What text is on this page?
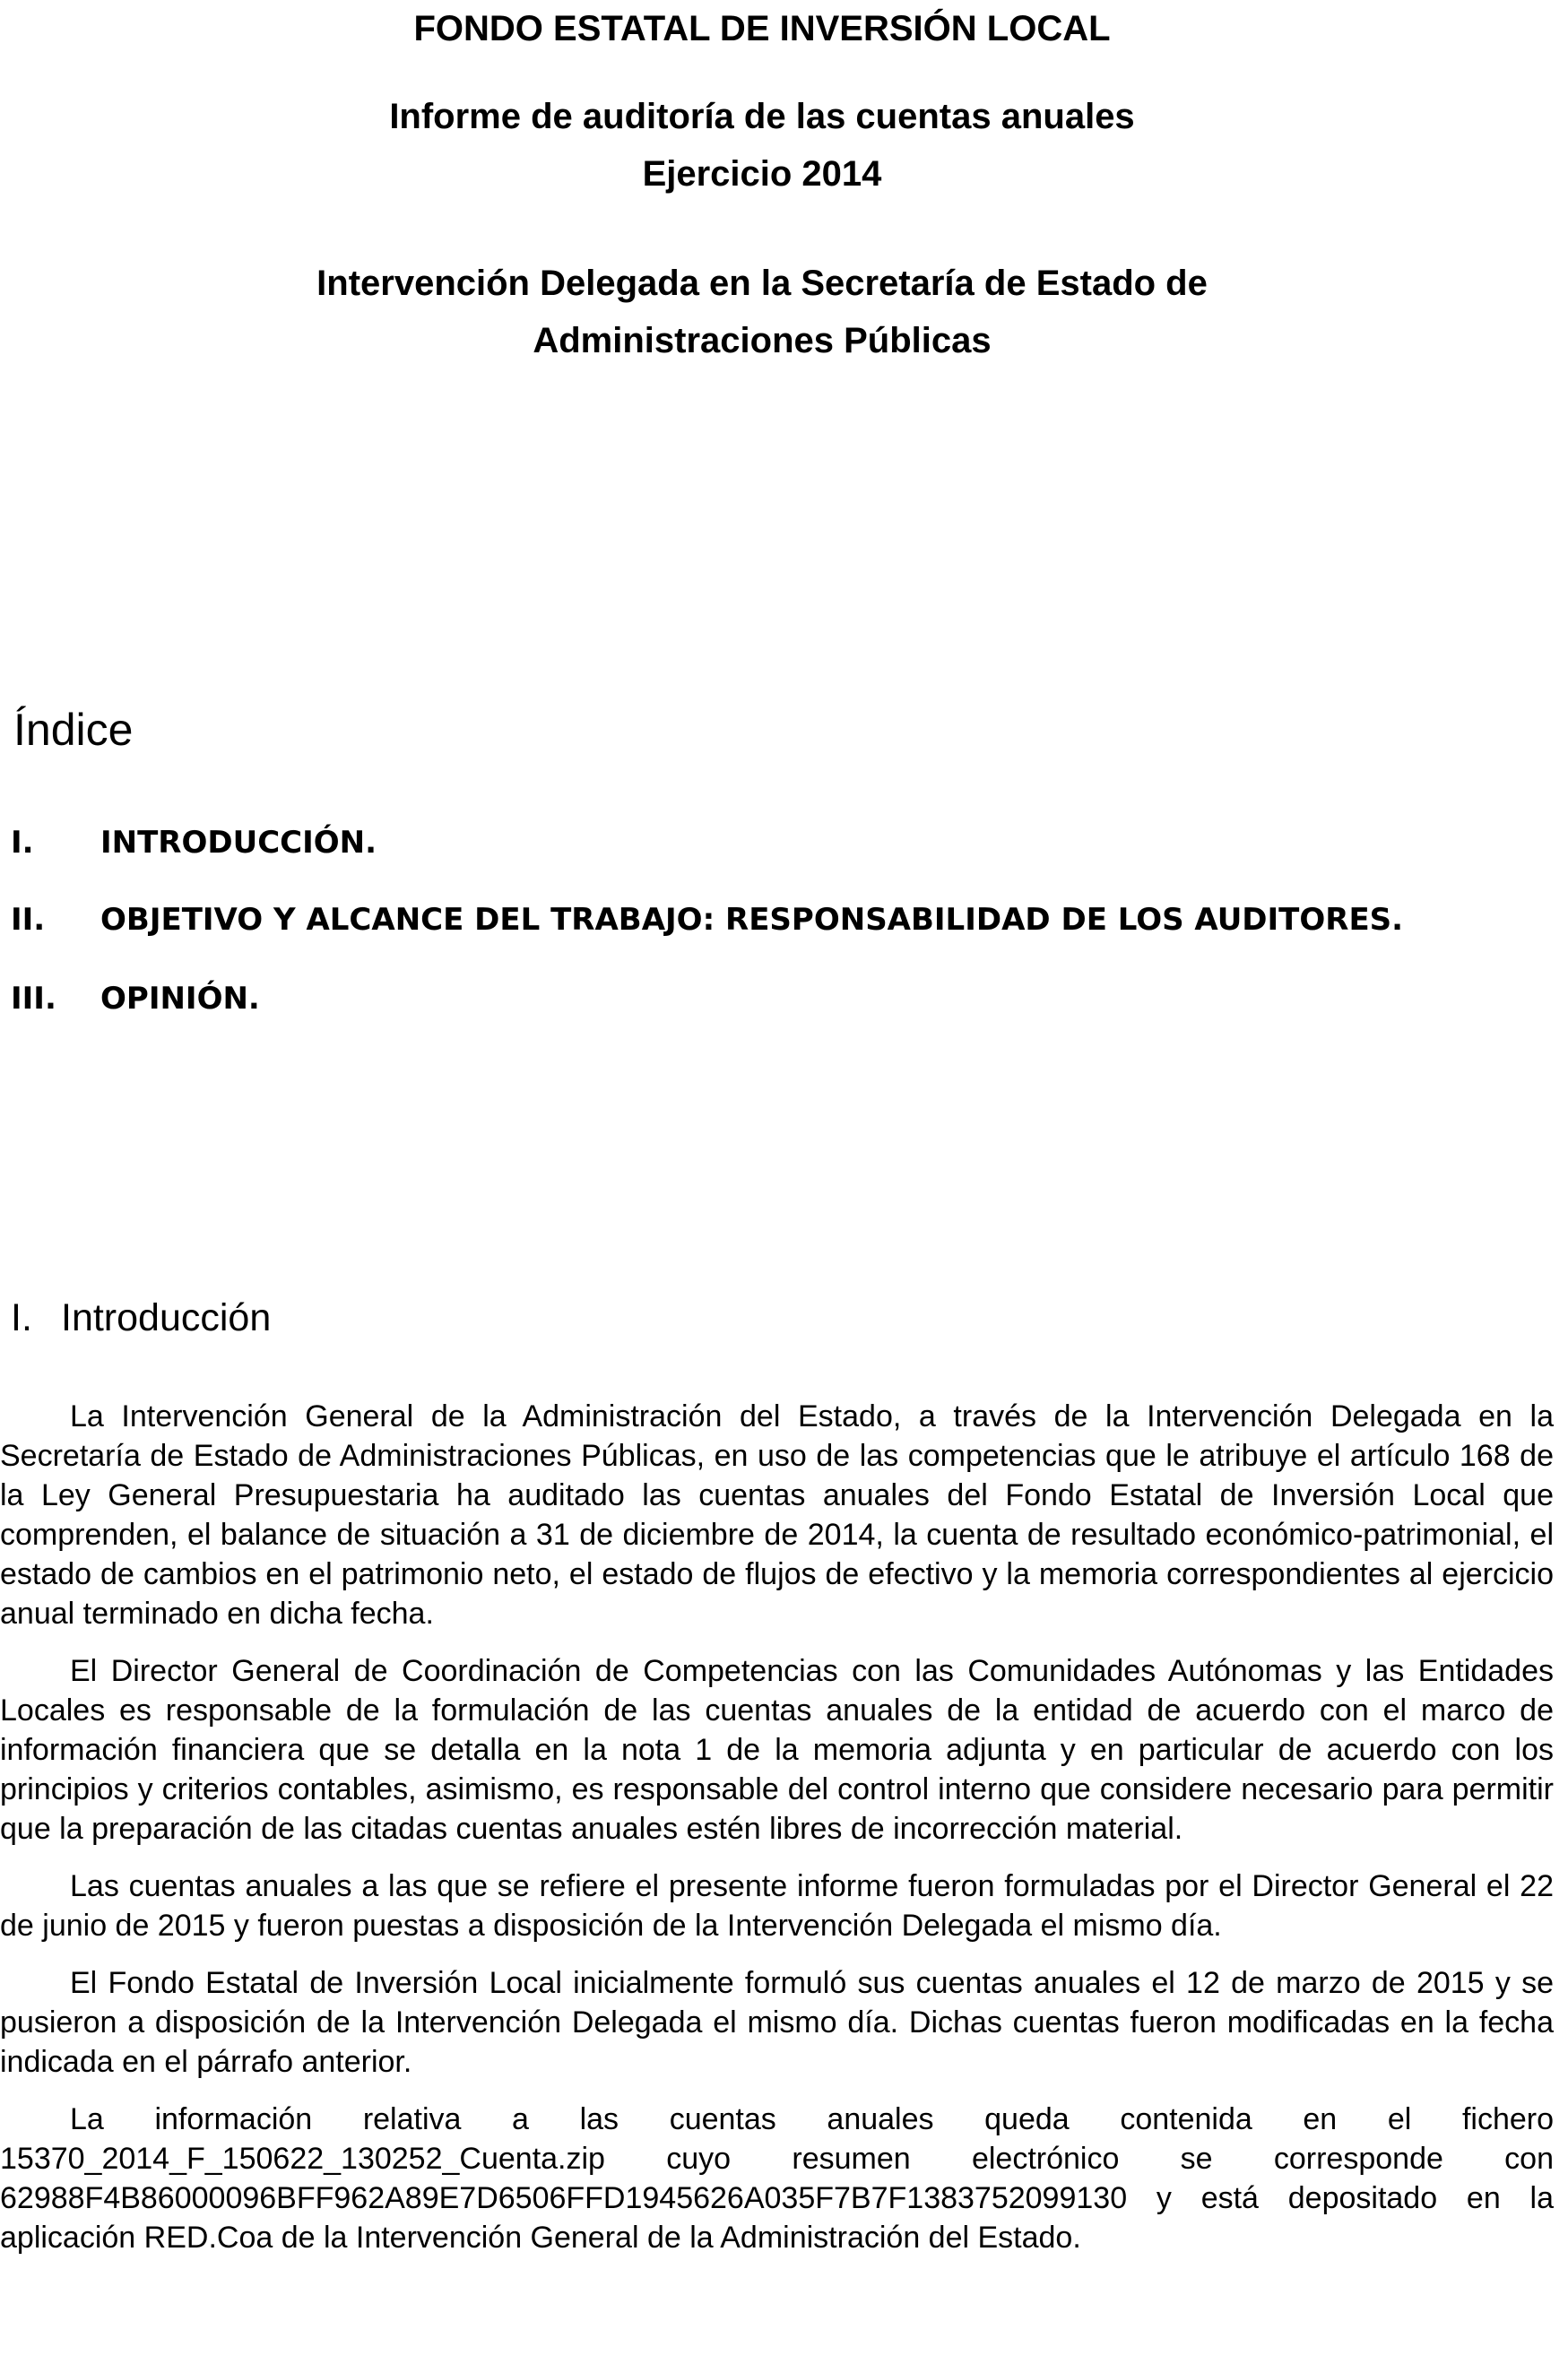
FONDO ESTATAL DE INVERSIÓN LOCAL
Informe de auditoría de las cuentas anuales
Ejercicio 2014
Intervención Delegada en la Secretaría de Estado de
Administraciones Públicas
Índice
I. INTRODUCCIÓN.
II. OBJETIVO Y ALCANCE DEL TRABAJO: RESPONSABILIDAD DE LOS AUDITORES.
III. OPINIÓN.
I. Introducción

La Intervención General de la Administración del Estado, a través de la Intervención Delegada en la Secretaría de Estado de Administraciones Públicas, en uso de las competencias que le atribuye el artículo 168 de la Ley General Presupuestaria ha auditado las cuentas anuales del Fondo Estatal de Inversión Local que comprenden, el balance de situación a 31 de diciembre de 2014, la cuenta de resultado económico-patrimonial, el estado de cambios en el patrimonio neto, el estado de flujos de efectivo y la memoria correspondientes al ejercicio anual terminado en dicha fecha.

El Director General de Coordinación de Competencias con las Comunidades Autónomas y las Entidades Locales es responsable de la formulación de las cuentas anuales de la entidad de acuerdo con el marco de información financiera que se detalla en la nota 1 de la memoria adjunta y en particular de acuerdo con los principios y criterios contables, asimismo, es responsable del control interno que considere necesario para permitir que la preparación de las citadas cuentas anuales estén libres de incorrección material.

Las cuentas anuales a las que se refiere el presente informe fueron formuladas por el Director General el 22 de junio de 2015 y fueron puestas a disposición de la Intervención Delegada el mismo día.

El Fondo Estatal de Inversión Local inicialmente formuló sus cuentas anuales el 12 de marzo de 2015 y se pusieron a disposición de la Intervención Delegada el mismo día. Dichas cuentas fueron modificadas en la fecha indicada en el párrafo anterior.

La información relativa a las cuentas anuales queda contenida en el fichero 15370_2014_F_150622_130252_Cuenta.zip cuyo resumen electrónico se corresponde con 62988F4B86000096BFF962A89E7D6506FFD1945626A035F7B7F1383752099130 y está depositado en la aplicación RED.Coa de la Intervención General de la Administración del Estado.
